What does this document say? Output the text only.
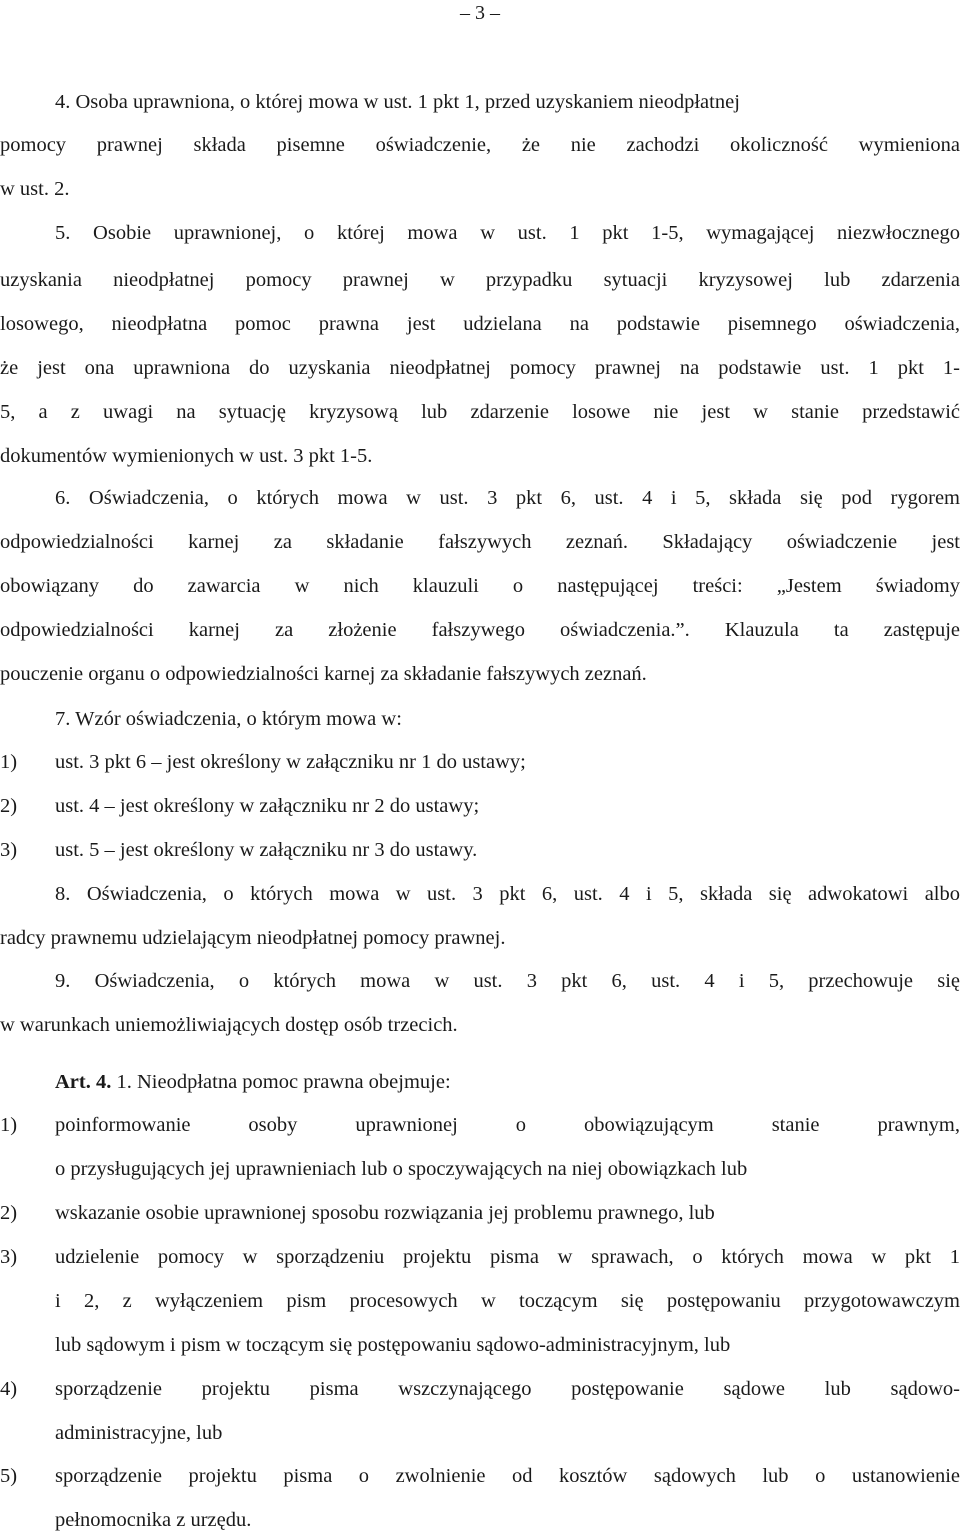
– 3 –
4. Osoba uprawniona, o której mowa w ust. 1 pkt 1, przed uzyskaniem nieodpłatnej
pomocy prawnej składa pisemne oświadczenie, że nie zachodzi okoliczność wymieniona
w ust. 2.
5. Osobie uprawnionej, o której mowa w ust. 1 pkt 1-5, wymagającej niezwłocznego
uzyskania nieodpłatnej pomocy prawnej w przypadku sytuacji kryzysowej lub zdarzenia
losowego, nieodpłatna pomoc prawna jest udzielana na podstawie pisemnego oświadczenia,
że jest ona uprawniona do uzyskania nieodpłatnej pomocy prawnej na podstawie ust. 1 pkt 1-
5, a z uwagi na sytuację kryzysową lub zdarzenie losowe nie jest w stanie przedstawić
dokumentów wymienionych w ust. 3 pkt 1-5.
6. Oświadczenia, o których mowa w ust. 3 pkt 6, ust. 4 i 5, składa się pod rygorem
odpowiedzialności karnej za składanie fałszywych zeznań. Składający oświadczenie jest
obowiązany do zawarcia w nich klauzuli o następującej treści: „Jestem świadomy
odpowiedzialności karnej za złożenie fałszywego oświadczenia.”. Klauzula ta zastępuje
pouczenie organu o odpowiedzialności karnej za składanie fałszywych zeznań.
7. Wzór oświadczenia, o którym mowa w:
1) ust. 3 pkt 6 – jest określony w załączniku nr 1 do ustawy;
2) ust. 4 – jest określony w załączniku nr 2 do ustawy;
3) ust. 5 – jest określony w załączniku nr 3 do ustawy.
8. Oświadczenia, o których mowa w ust. 3 pkt 6, ust. 4 i 5, składa się adwokatowi albo
radcy prawnemu udzielającym nieodpłatnej pomocy prawnej.
9. Oświadczenia, o których mowa w ust. 3 pkt 6, ust. 4 i 5, przechowuje się
w warunkach uniemożliwiających dostęp osób trzecich.
Art. 4. 1. Nieodpłatna pomoc prawna obejmuje:
1) poinformowanie osoby uprawnionej o obowiązującym stanie prawnym,
o przysługujących jej uprawnieniach lub o spoczywających na niej obowiązkach lub
2) wskazanie osobie uprawnionej sposobu rozwiązania jej problemu prawnego, lub
3) udzielenie pomocy w sporządzeniu projektu pisma w sprawach, o których mowa w pkt 1
i 2, z wyłączeniem pism procesowych w toczącym się postępowaniu przygotowawczym
lub sądowym i pism w toczącym się postępowaniu sądowo-administracyjnym, lub
4) sporządzenie projektu pisma wszczynającego postępowanie sądowe lub sądowo-
administracyjne, lub
5) sporządzenie projektu pisma o zwolnienie od kosztów sądowych lub o ustanowienie
pełnomocnika z urzędu.
